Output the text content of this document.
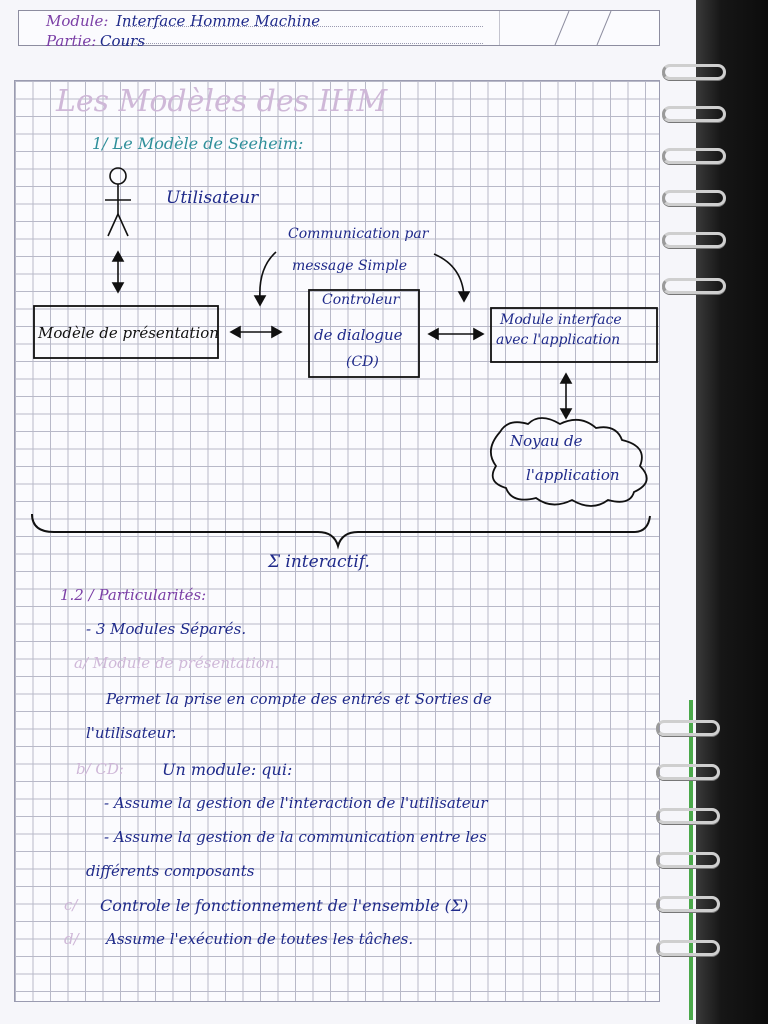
Module: Interface Homme Machine
Partie: Cours
Les Modèles des IHM
1/ Le Modèle de Seeheim:
Utilisateur
Communication par
message Simple
Modèle de présentation
Controleur
de dialogue
(CD)
Module interface
avec l'application
Noyau de
l'application
Σ interactif.
1.2 / Particularités:
- 3 Modules Séparés.
a/ Module de présentation.
Permet la prise en compte des entrés et Sorties de
l'utilisateur.
b/ CD: Un module: qui:
- Assume la gestion de l'interaction de l'utilisateur
- Assume la gestion de la communication entre les
différents composants
c/ Controle le fonctionnement de l'ensemble (Σ)
d/ Assume l'exécution de toutes les tâches.
